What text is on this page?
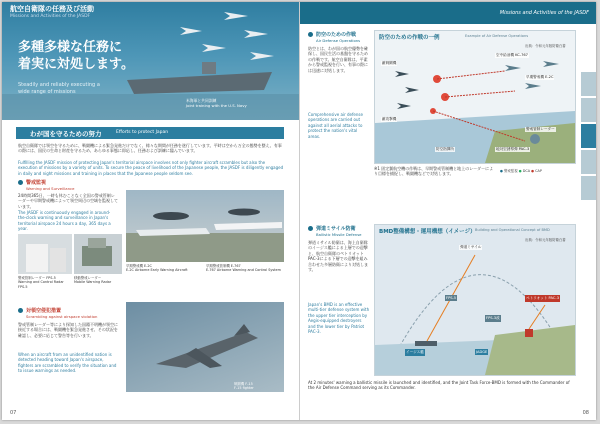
多種多様な任務に
着実に対処します。
Steadily and reliably executing a wide range of missions
米海軍と共同訓練
Joint training with the U.S. Navy
航空自衛隊の任務及び活動
Missions and Activities of the JASDF
わが国を守るための努力	Efforts to protect Japan
航空自衛隊では領空を守るために、戦闘機による緊急発進だけでなく、様々な期間が任務を遂行しています。平時は空から万全の態勢を整え、有事の際には、国民の生命と財産を守るため、あらゆる事態に即応し、任務および訓練に臨んでいます。
Fulfilling the JASDF mission of protecting Japan's territorial airspace involves not only fighter aircraft scrambles but also the execution of missions by a variety of units. To secure the peace of livelihood of the Japanese people, the JASDF is diligently engaged in daily and night missions and training in places that the Japanese people seldom see.
警戒監視
Warning and Surveillance
24時間365日、一時も休むことなく全国の警戒管制レーダーや早期警戒機によって領空周辺の空域を監視しています。
The JASDF is continuously engaged in around-the-clock warning and surveillance in Japan's territorial airspace 24 hours a day, 365 days a year.
警戒管制レーダー FPS-5
Warning and Control Radar FPS-5
移動警戒レーダー
Mobile Warning Radar
早期警戒機 E-2C
E-2C Airborne Early Warning Aircraft
早期警戒管制機 E-767
E-767 Airborne Warning and Control System
対領空侵犯措置
Scrambling against airspace violation
警戒管制レーダー等により探知した国籍不明機が領空に接近する場合には、戦闘機を緊急発進させ、その状況を確認し、必要に応じて警告等を行います。
When an aircraft from an unidentified nation is detected heading toward Japan's airspace, fighters are scrambled to verify the situation and to issue warnings as needed.
戦闘機 F-15
F-15 fighter
07
Missions and Activities of the JASDF
防空のための作戦
Air Defense Operations
防空とは、わが国の航空優勢を確保し、国民生活の基盤を守るための作戦です。航空自衛隊は、平素から警戒監視を行い、有事の際には迅速に対処します。
Comprehensive air defense operations are carried out against all aerial attacks to protect the nation's vital areas.
防空のための作戦の一例	Example of Air Defense Operations
出典：令和元年版防衛白書
敵戦闘機
敵攻撃機
空中給油機 KC-767
早期警戒機 E-2C
警戒管制レーダー
地対空誘導弾 PAC-3
防空指揮所
※1 固定翼航空機の作戦は、早期警戒管制機と地上のレーダーにより目標を捕捉し、戦闘機などで対処します。
● 警戒監視 ● DCA ● CAP
弾道ミサイル防衛
Ballistic Missile Defense
弾道ミサイル防衛は、海上自衛隊のイージス艦による上層での迎撃と、航空自衛隊のペトリオットPAC-3による下層での迎撃を組み合わせた多層防衛により対処します。
Japan's BMD is an effective multi-tier defense system with the upper tier interception by Aegis-equipped destroyers and the lower tier by Patriot PAC-3.
BMD整備構想・運用構想（イメージ） Building and Operational Concept of BMD
出典：令和元年版防衛白書
弾道ミサイル
イージス艦
ペトリオット PAC-3
JADGE
FPS-5
FPS-3改
At 2 minutes' warning a ballistic missile is launched and identified, and the Joint Task Force-BMD is formed with the Commander of the Air Defense Command serving as its Commander.
08
